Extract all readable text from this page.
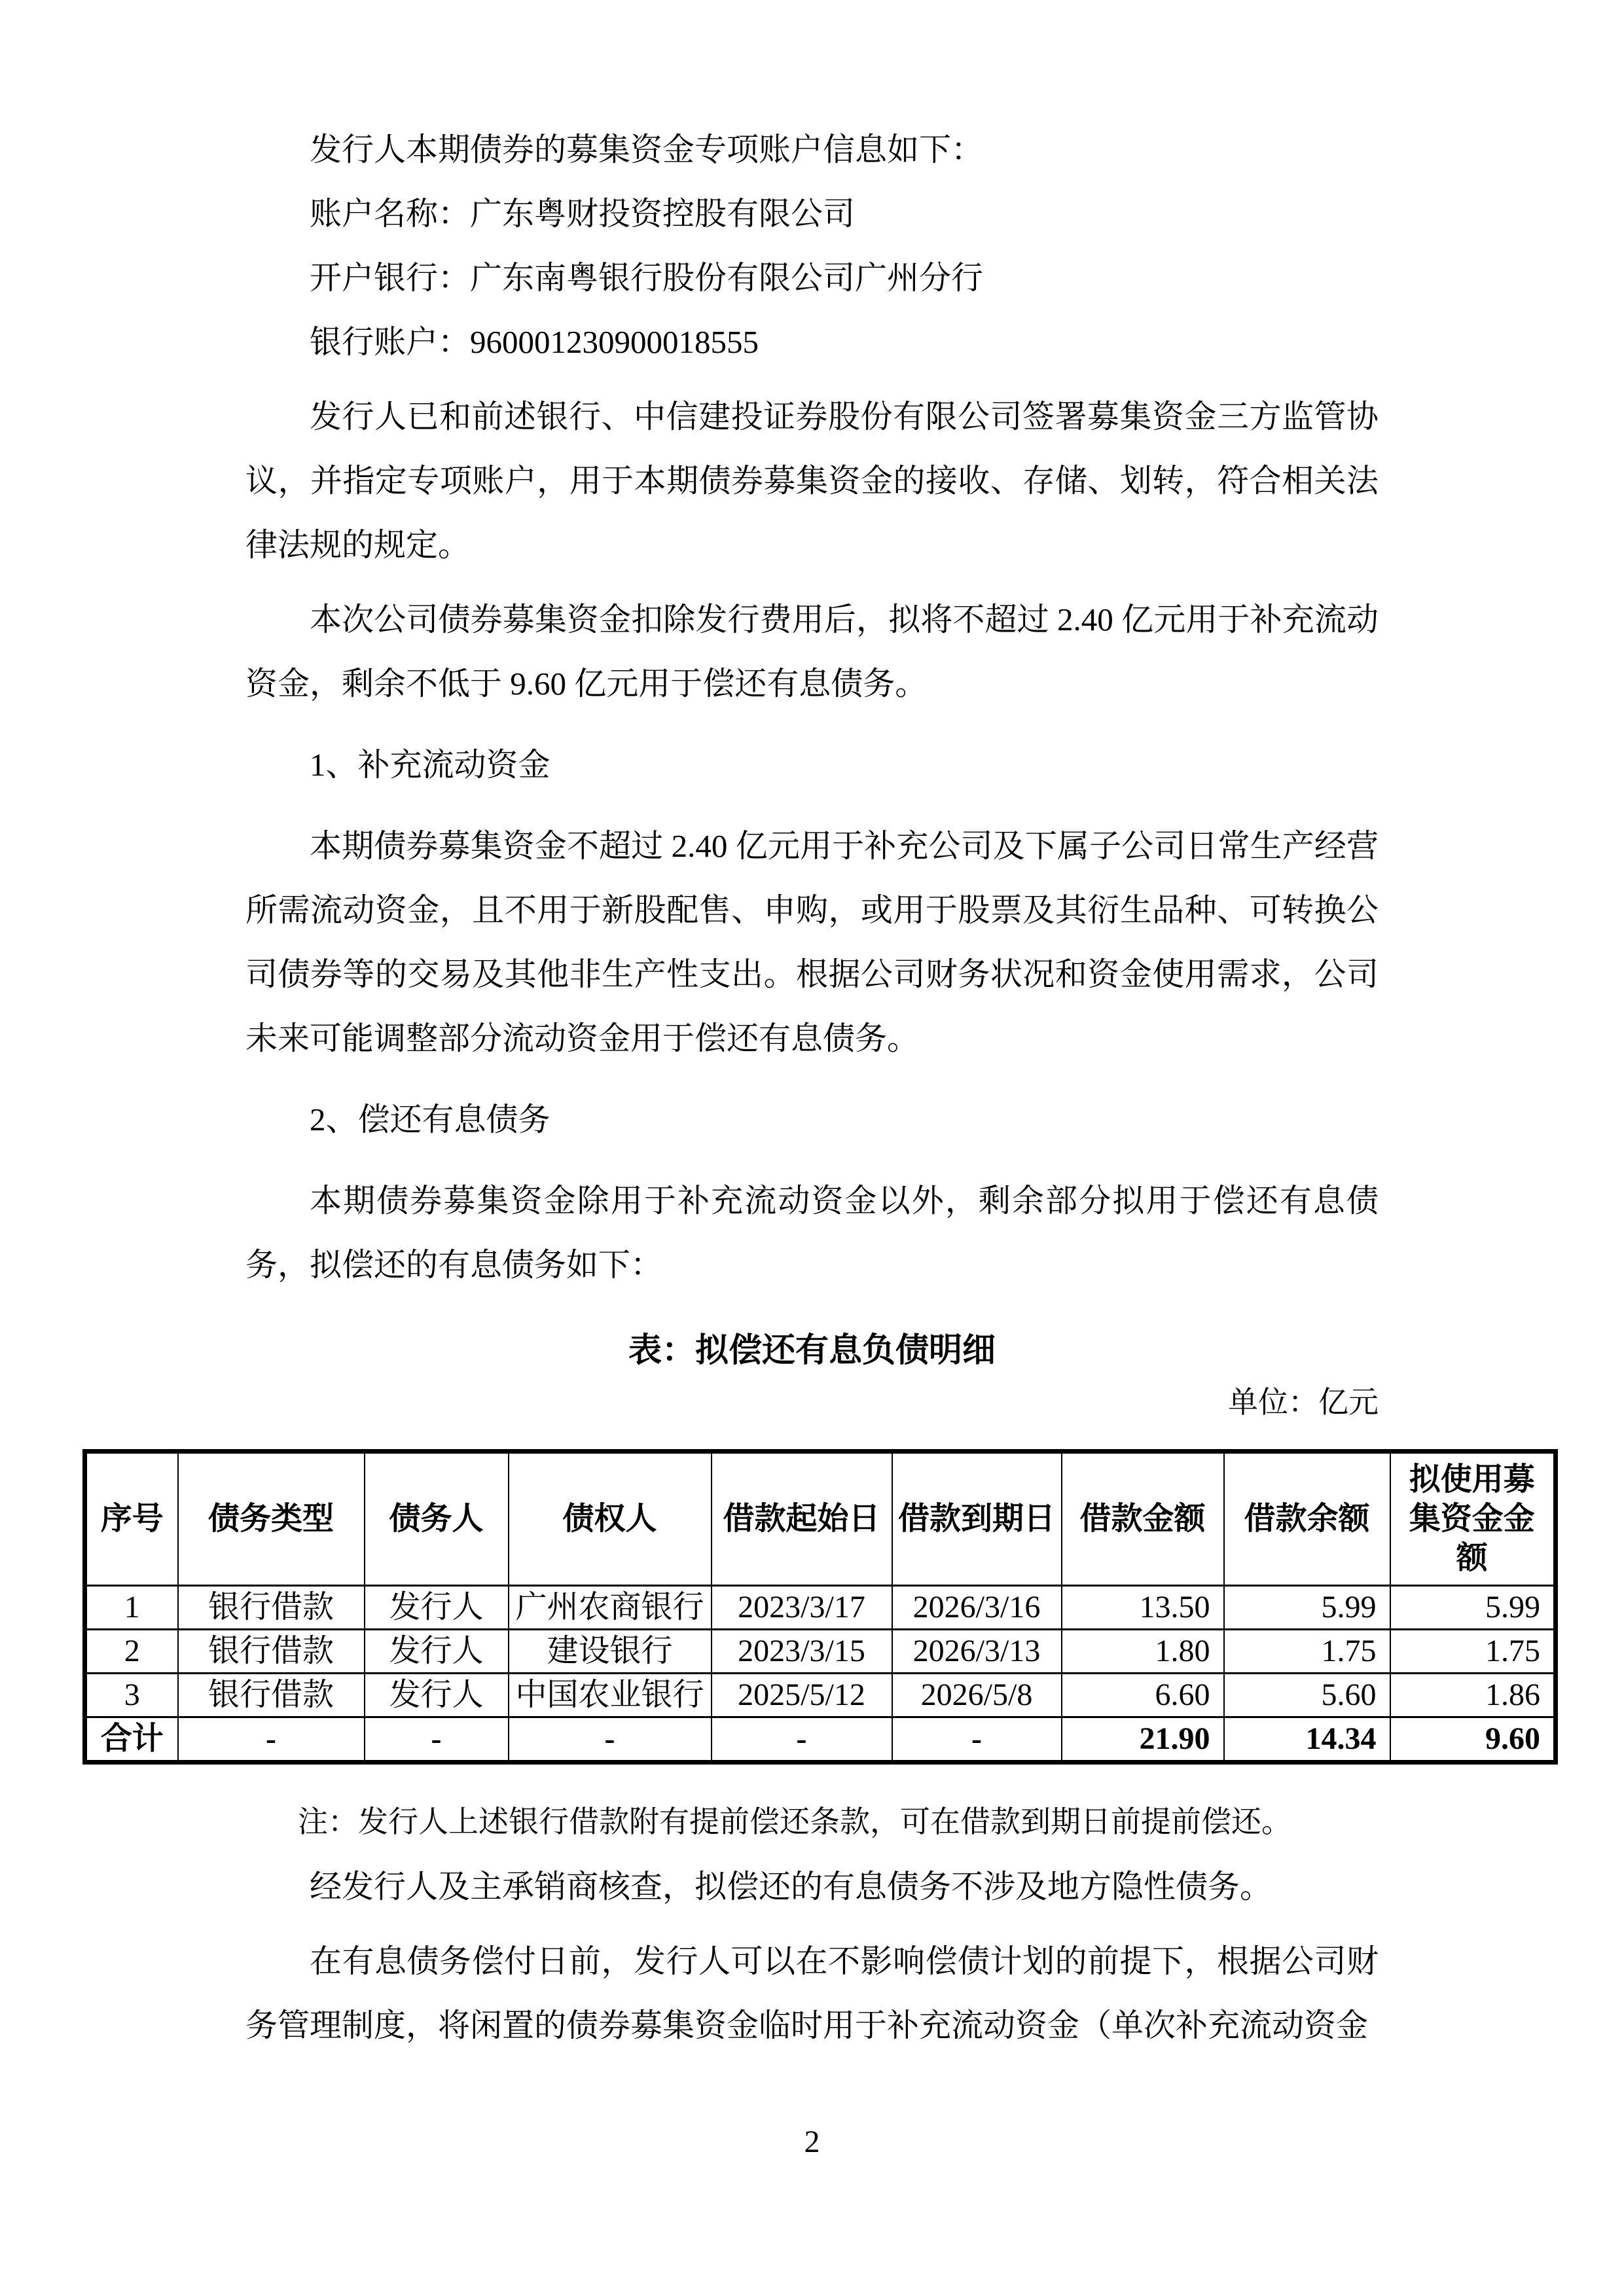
发行人本期债券的募集资金专项账户信息如下：

账户名称：广东粤财投资控股有限公司

开户银行：广东南粤银行股份有限公司广州分行

银行账户：960001230900018555

发行人已和前述银行、中信建投证券股份有限公司签署募集资金三方监管协议，并指定专项账户，用于本期债券募集资金的接收、存储、划转，符合相关法律法规的规定。

本次公司债券募集资金扣除发行费用后，拟将不超过 2.40 亿元用于补充流动资金，剩余不低于 9.60 亿元用于偿还有息债务。

1、补充流动资金

本期债券募集资金不超过 2.40 亿元用于补充公司及下属子公司日常生产经营所需流动资金，且不用于新股配售、申购，或用于股票及其衍生品种、可转换公司债券等的交易及其他非生产性支出。根据公司财务状况和资金使用需求，公司未来可能调整部分流动资金用于偿还有息债务。

2、偿还有息债务

本期债券募集资金除用于补充流动资金以外，剩余部分拟用于偿还有息债务，拟偿还的有息债务如下：

表：拟偿还有息负债明细
单位：亿元
序号	债务类型	债务人	债权人	借款起始日	借款到期日	借款金额	借款余额	拟使用募集资金金额
1	银行借款	发行人	广州农商银行	2023/3/17	2026/3/16	13.50	5.99	5.99
2	银行借款	发行人	建设银行	2023/3/15	2026/3/13	1.80	1.75	1.75
3	银行借款	发行人	中国农业银行	2025/5/12	2026/5/8	6.60	5.60	1.86
合计	-	-	-	-	-	21.90	14.34	9.60

注：发行人上述银行借款附有提前偿还条款，可在借款到期日前提前偿还。

经发行人及主承销商核查，拟偿还的有息债务不涉及地方隐性债务。

在有息债务偿付日前，发行人可以在不影响偿债计划的前提下，根据公司财务管理制度，将闲置的债券募集资金临时用于补充流动资金（单次补充流动资金

2
